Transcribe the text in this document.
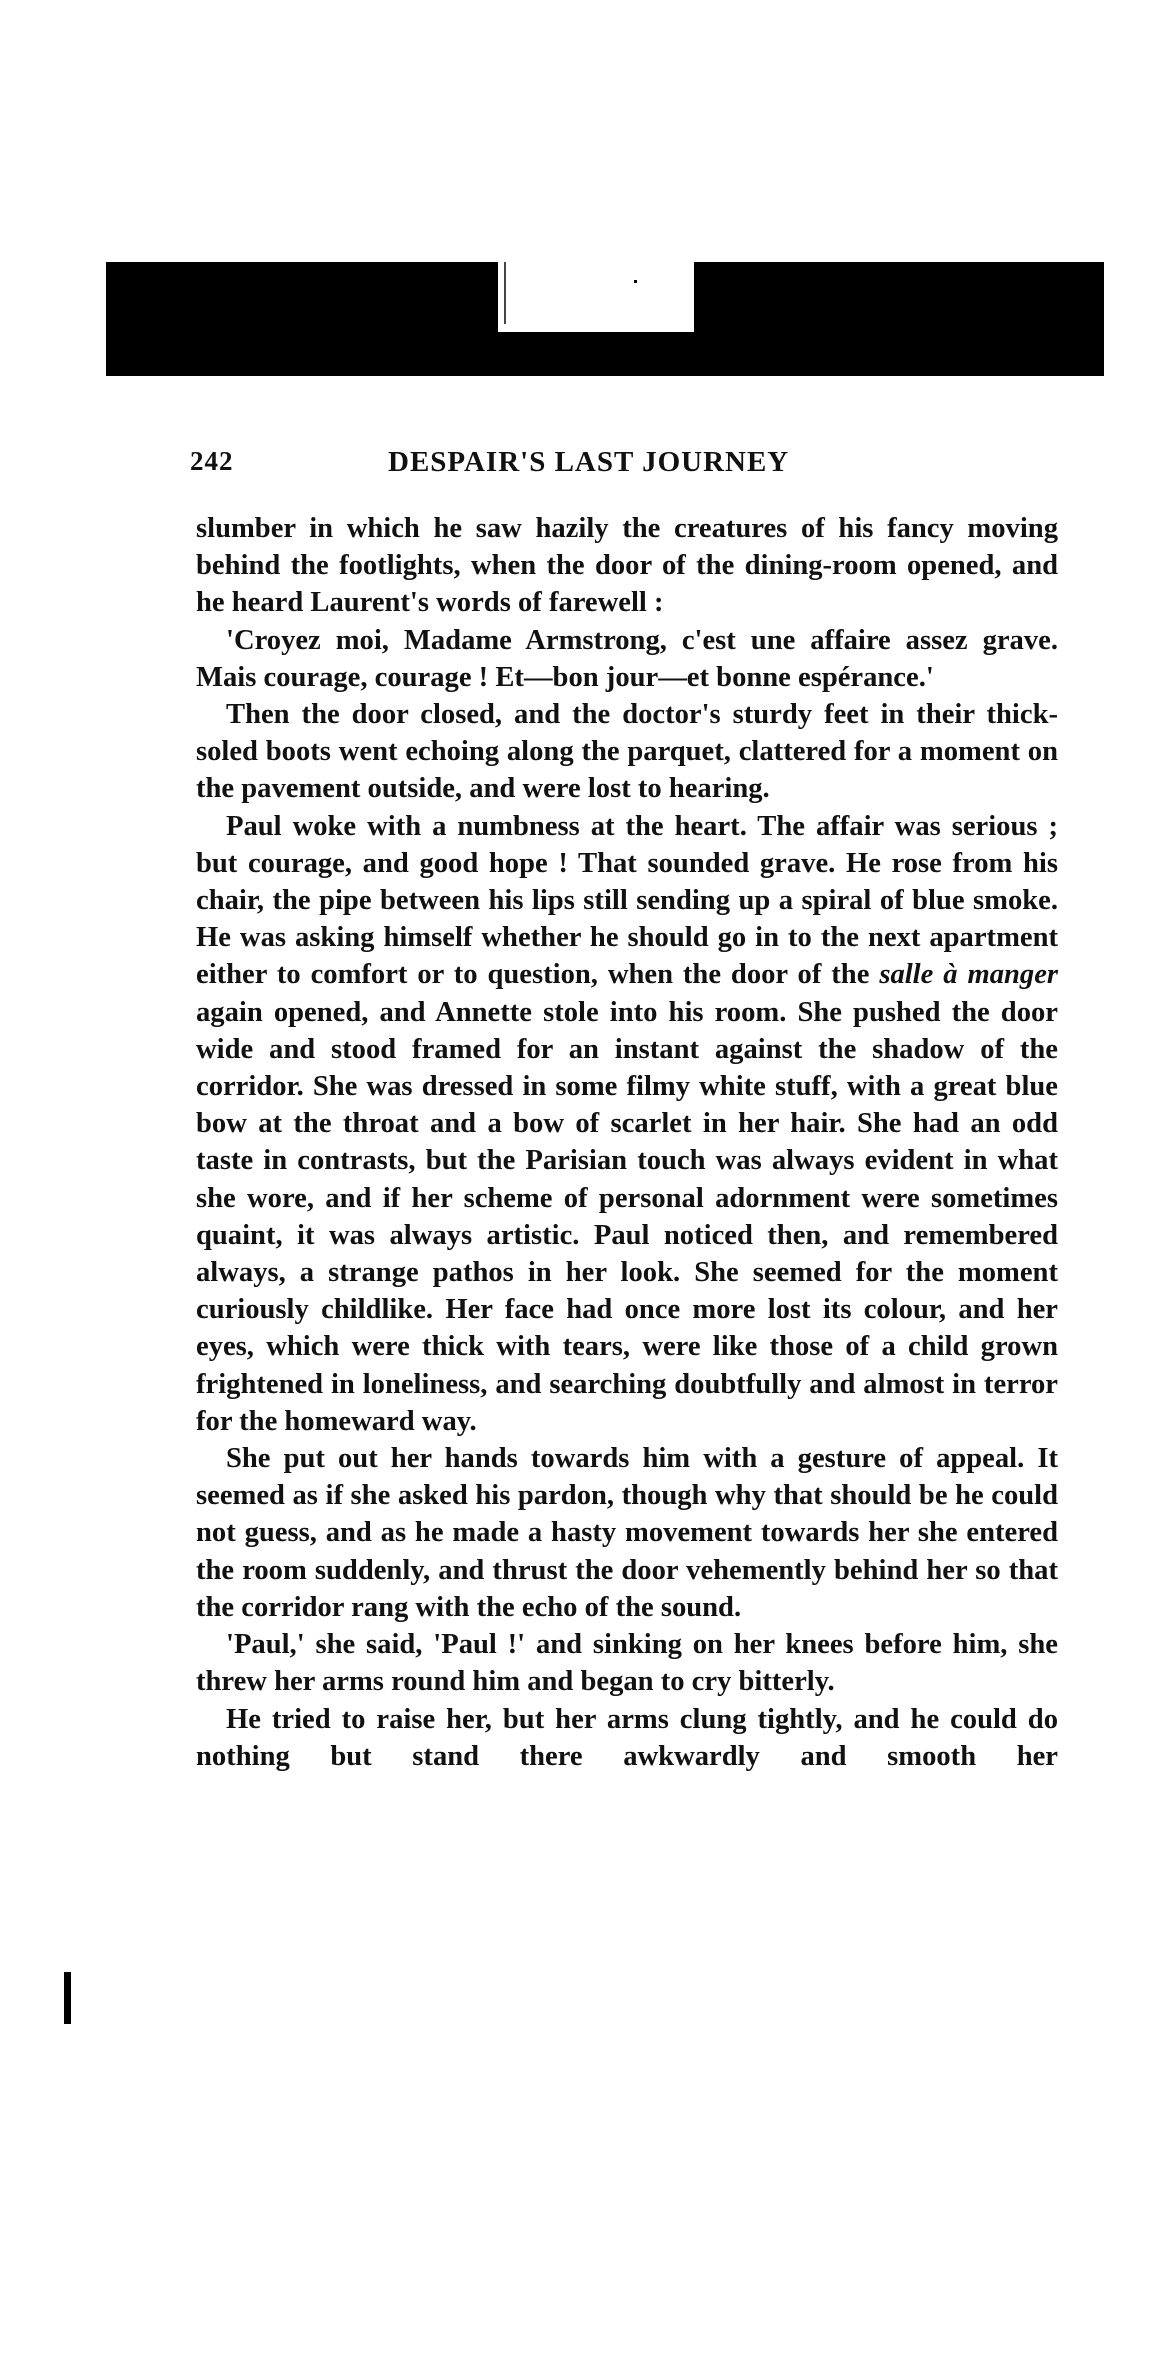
242	DESPAIR'S LAST JOURNEY

slumber in which he saw hazily the creatures of his fancy moving behind the footlights, when the door of the dining-room opened, and he heard Laurent's words of farewell :

'Croyez moi, Madame Armstrong, c'est une affaire assez grave. Mais courage, courage ! Et—bon jour—et bonne espérance.'

Then the door closed, and the doctor's sturdy feet in their thick-soled boots went echoing along the parquet, clattered for a moment on the pavement outside, and were lost to hearing.

Paul woke with a numbness at the heart. The affair was serious ; but courage, and good hope ! That sounded grave. He rose from his chair, the pipe between his lips still sending up a spiral of blue smoke. He was asking himself whether he should go in to the next apartment either to comfort or to question, when the door of the salle à manger again opened, and Annette stole into his room. She pushed the door wide and stood framed for an instant against the shadow of the corridor. She was dressed in some filmy white stuff, with a great blue bow at the throat and a bow of scarlet in her hair. She had an odd taste in contrasts, but the Parisian touch was always evident in what she wore, and if her scheme of personal adornment were sometimes quaint, it was always artistic. Paul noticed then, and remembered always, a strange pathos in her look. She seemed for the moment curiously childlike. Her face had once more lost its colour, and her eyes, which were thick with tears, were like those of a child grown frightened in loneliness, and searching doubtfully and almost in terror for the homeward way.

She put out her hands towards him with a gesture of appeal. It seemed as if she asked his pardon, though why that should be he could not guess, and as he made a hasty movement towards her she entered the room suddenly, and thrust the door vehemently behind her so that the corridor rang with the echo of the sound.

'Paul,' she said, 'Paul !' and sinking on her knees before him, she threw her arms round him and began to cry bitterly.

He tried to raise her, but her arms clung tightly, and he could do nothing but stand there awkwardly and smooth her
